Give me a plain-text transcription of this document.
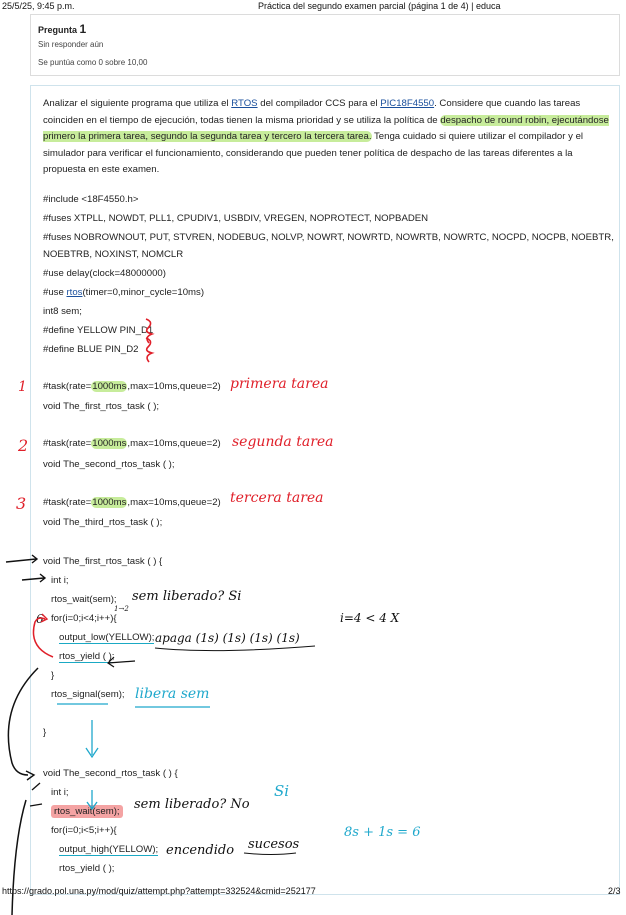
25/5/25, 9:45 p.m.	Práctica del segundo examen parcial (página 1 de 4) | educa
Pregunta 1
Sin responder aún
Se puntúa como 0 sobre 10,00
Analizar el siguiente programa que utiliza el RTOS del compilador CCS para el PIC18F4550. Considere que cuando las tareas coinciden en el tiempo de ejecución, todas tienen la misma prioridad y se utiliza la política de despacho de round robin, ejecutándose primero la primera tarea, segundo la segunda tarea y tercero la tercera tarea. Tenga cuidado si quiere utilizar el compilador y el simulador para verificar el funcionamiento, considerando que pueden tener política de despacho de las tareas diferentes a la propuesta en este examen.
#include <18F4550.h>
#fuses XTPLL, NOWDT, PLL1, CPUDIV1, USBDIV, VREGEN, NOPROTECT, NOPBADEN
#fuses NOBROWNOUT, PUT, STVREN, NODEBUG, NOLVP, NOWRT, NOWRTD, NOWRTB, NOWRTC, NOCPD, NOCPB, NOEBTR,
NOEBTRB, NOXINST, NOMCLR
#use delay(clock=48000000)
#use rtos(timer=0,minor_cycle=10ms)
int8 sem;
#define YELLOW PIN_D1
#define BLUE PIN_D2
#task(rate=1000ms,max=10ms,queue=2)
void The_first_rtos_task ( );
#task(rate=1000ms,max=10ms,queue=2)
void The_second_rtos_task ( );
#task(rate=1000ms,max=10ms,queue=2)
void The_third_rtos_task ( );
void The_first_rtos_task ( ) {
int i;
rtos_wait(sem);
for(i=0;i<4;i++){
output_low(YELLOW);
rtos_yield ( );
}
rtos_signal(sem);
}
void The_second_rtos_task ( ) {
int i;
rtos_wait(sem);
for(i=0;i<5;i++){
output_high(YELLOW);
rtos_yield ( );
1
2
3
primera tarea
segunda tarea
tercera tarea
sem liberado? Si
6
1→2
i=4 < 4 X
apaga (1s) (1s) (1s) (1s)
libera sem
sem liberado? No
Si
8s + 1s = 6
encendido sucesos
https://grado.pol.una.py/mod/quiz/attempt.php?attempt=332524&cmid=252177	2/3
